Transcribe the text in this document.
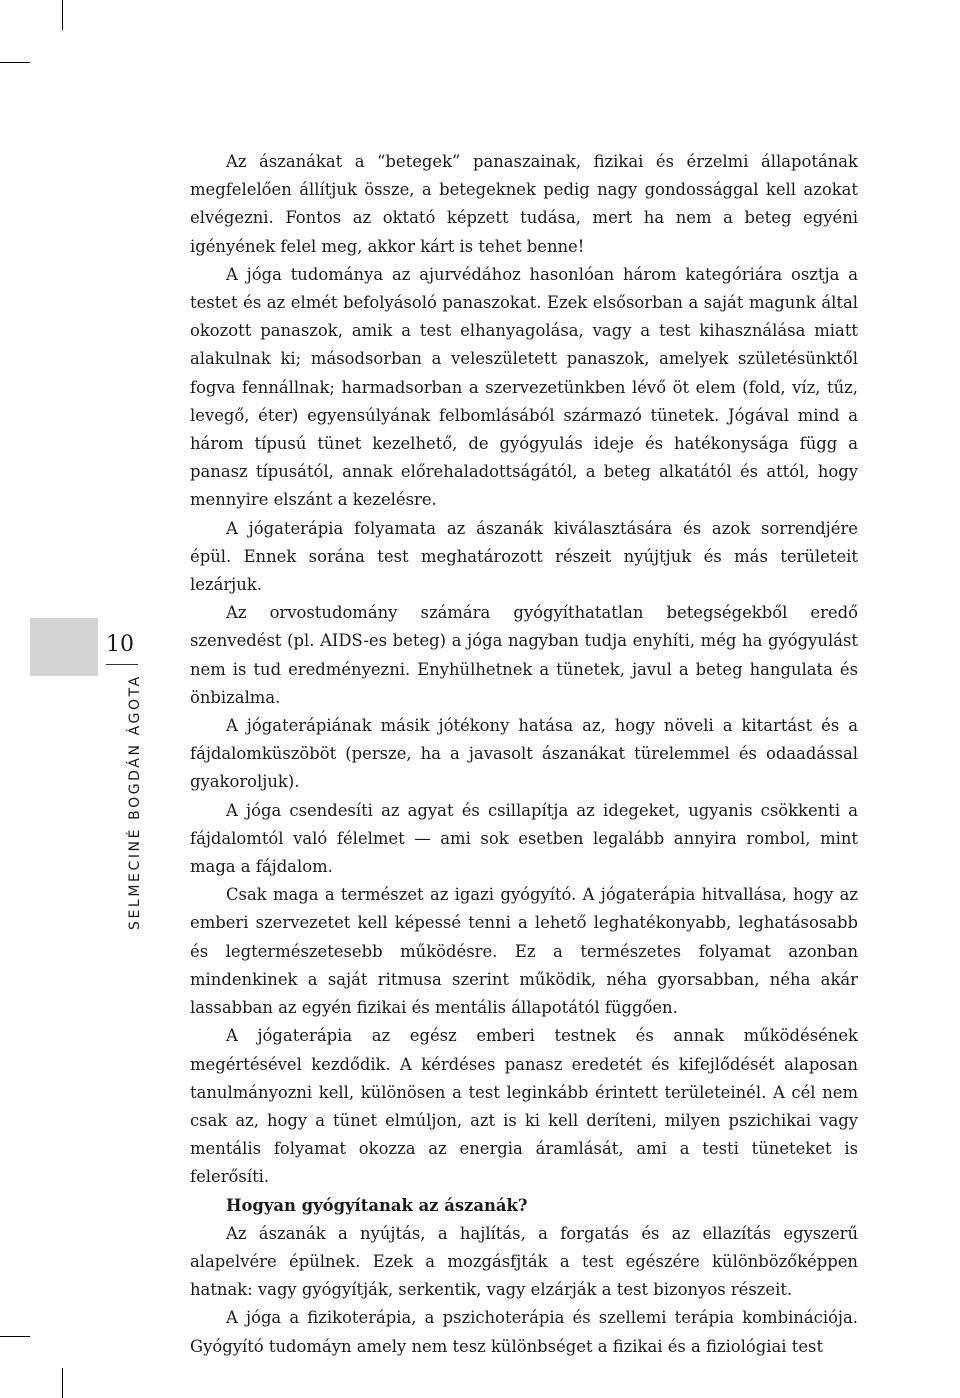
10
SELMECINÉ BOGDÁN ÁGOTA

Az ászanákat a “betegek” panaszainak, fizikai és érzelmi állapotának megfelelően állítjuk össze, a betegeknek pedig nagy gondossággal kell azokat elvégezni. Fontos az oktató képzett tudása, mert ha nem a beteg egyéni igényének felel meg, akkor kárt is tehet benne!

A jóga tudománya az ajurvédához hasonlóan három kategóriára osztja a testet és az elmét befolyásoló panaszokat. Ezek elsősorban a saját magunk által okozott panaszok, amik a test elhanyagolása, vagy a test kihasználása miatt alakulnak ki; másodsorban a veleszületett panaszok, amelyek születésünktől fogva fennállnak; harmadsorban a szervezetünkben lévő öt elem (fold, víz, tűz, levegő, éter) egyensúlyának felbomlásából származó tünetek. Jógával mind a három típusú tünet kezelhető, de gyógyulás ideje és hatékonysága függ a panasz típusától, annak előrehaladottságától, a beteg alkatától és attól, hogy mennyire elszánt a kezelésre.

A jógaterápia folyamata az ászanák kiválasztására és azok sorrendjére épül. Ennek sorána test meghatározott részeit nyújtjuk és más területeit lezárjuk.

Az orvostudomány számára gyógyíthatatlan betegségekből eredő szenvedést (pl. AIDS-es beteg) a jóga nagyban tudja enyhíti, még ha gyógyulást nem is tud eredményezni. Enyhülhetnek a tünetek, javul a beteg hangulata és önbizalma.

A jógaterápiának másik jótékony hatása az, hogy növeli a kitartást és a fájdalomküszöböt (persze, ha a javasolt ászanákat türelemmel és odaadással gyakoroljuk).

A jóga csendesíti az agyat és csillapítja az idegeket, ugyanis csökkenti a fájdalomtól való félelmet — ami sok esetben legalább annyira rombol, mint maga a fájdalom.

Csak maga a természet az igazi gyógyító. A jógaterápia hitvallása, hogy az emberi szervezetet kell képessé tenni a lehető leghatékonyabb, leghatásosabb és legtermészetesebb működésre. Ez a természetes folyamat azonban mindenkinek a saját ritmusa szerint működik, néha gyorsabban, néha akár lassabban az egyén fizikai és mentális állapotától függően.

A jógaterápia az egész emberi testnek és annak működésének megértésével kezdődik. A kérdéses panasz eredetét és kifejlődését alaposan tanulmányozni kell, különösen a test leginkább érintett területeinél. A cél nem csak az, hogy a tünet elmúljon, azt is ki kell deríteni, milyen pszichikai vagy mentális folyamat okozza az energia áramlását, ami a testi tüneteket is felerősíti.

Hogyan gyógyítanak az ászanák?

Az ászanák a nyújtás, a hajlítás, a forgatás és az ellazítás egyszerű alapelvére épülnek. Ezek a mozgásfjták a test egészére különbözőképpen hatnak: vagy gyógyítják, serkentik, vagy elzárják a test bizonyos részeit.

A jóga a fizikoterápia, a pszichoterápia és szellemi terápia kombinációja. Gyógyító tudomáyn amely nem tesz különbséget a fizikai és a fiziológiai test
